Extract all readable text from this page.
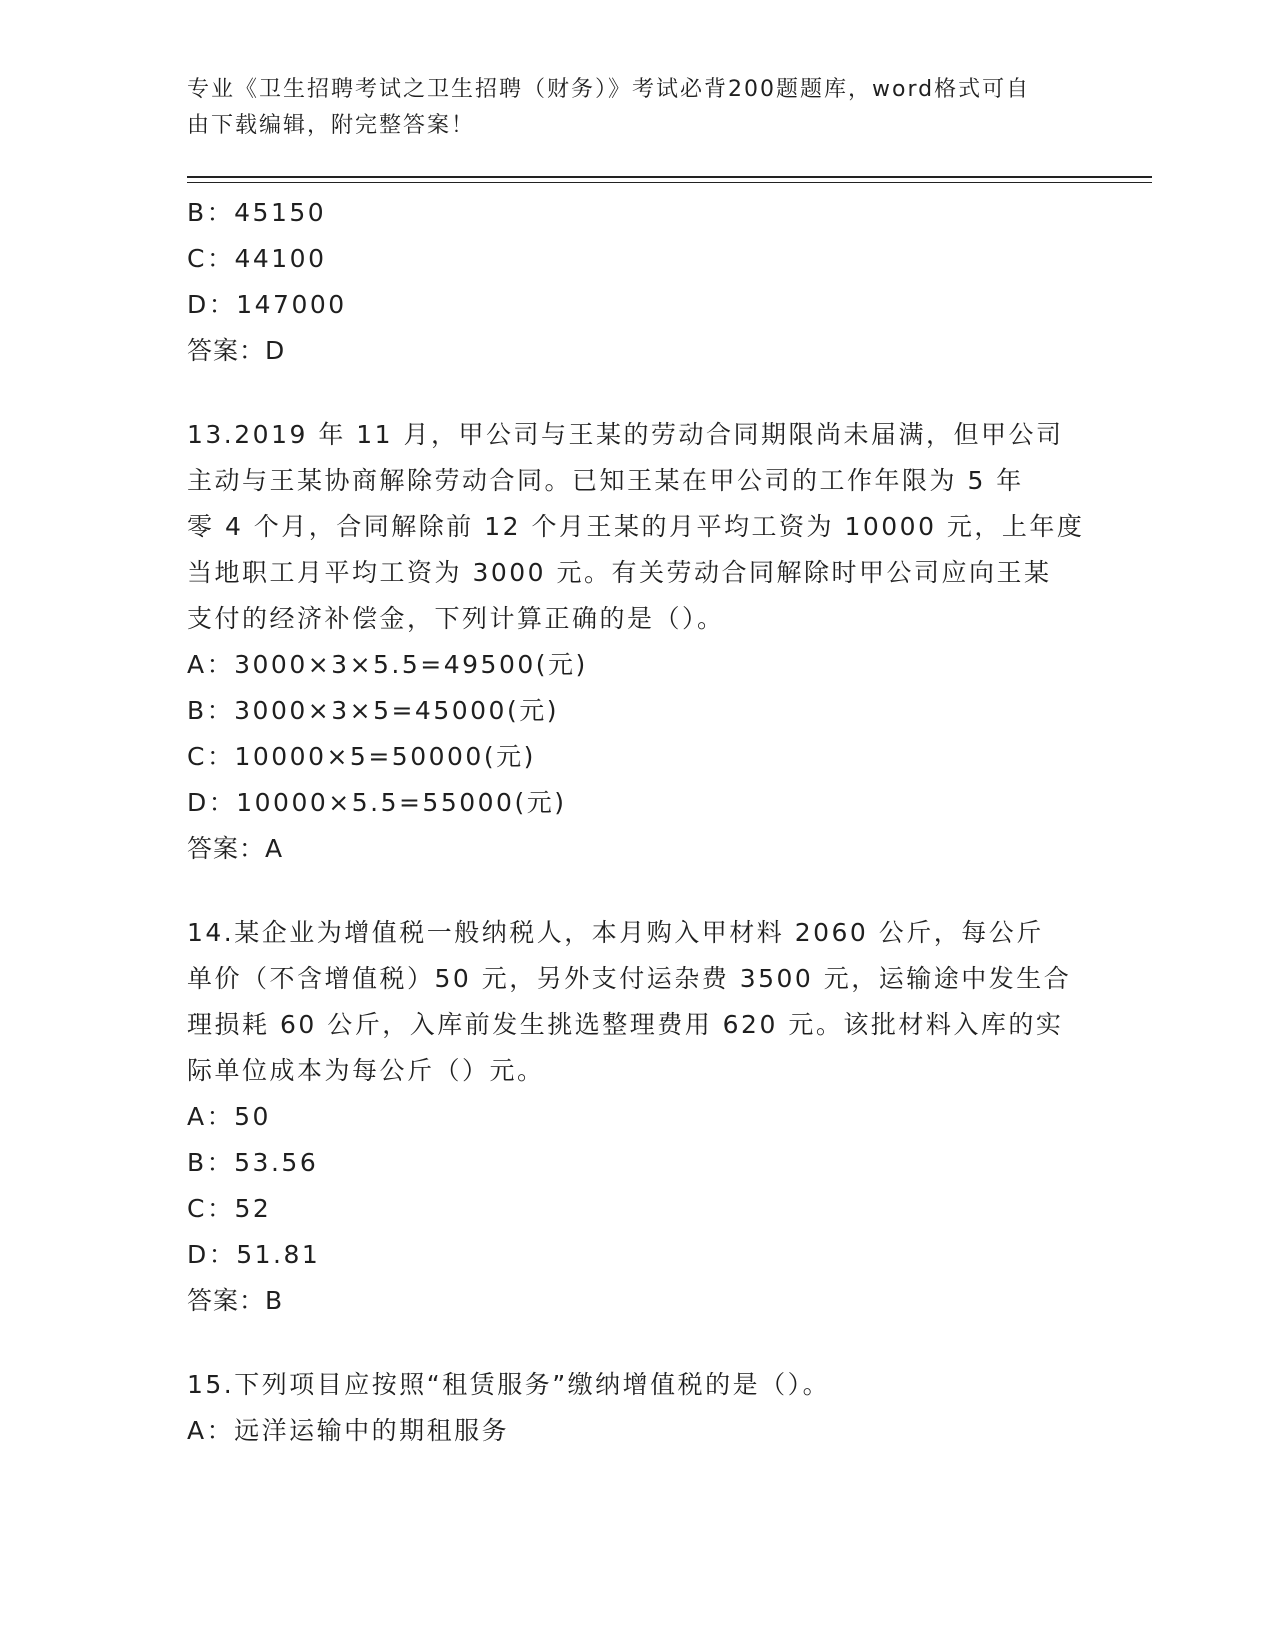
专业《卫生招聘考试之卫生招聘（财务）》考试必背200题题库，word格式可自
由下载编辑，附完整答案！
B：45150
C：44100
D：147000
答案：D
13.2019 年 11 月，甲公司与王某的劳动合同期限尚未届满，但甲公司
主动与王某协商解除劳动合同。已知王某在甲公司的工作年限为 5 年
零 4 个月，合同解除前 12 个月王某的月平均工资为 10000 元，上年度
当地职工月平均工资为 3000 元。有关劳动合同解除时甲公司应向王某
支付的经济补偿金，下列计算正确的是（）。
A：3000×3×5.5=49500(元)
B：3000×3×5=45000(元)
C：10000×5=50000(元)
D：10000×5.5=55000(元)
答案：A
14.某企业为增值税一般纳税人，本月购入甲材料 2060 公斤，每公斤
单价（不含增值税）50 元，另外支付运杂费 3500 元，运输途中发生合
理损耗 60 公斤，入库前发生挑选整理费用 620 元。该批材料入库的实
际单位成本为每公斤（）元。
A：50
B：53.56
C：52
D：51.81
答案：B
15.下列项目应按照“租赁服务”缴纳增值税的是（）。
A：远洋运输中的期租服务
